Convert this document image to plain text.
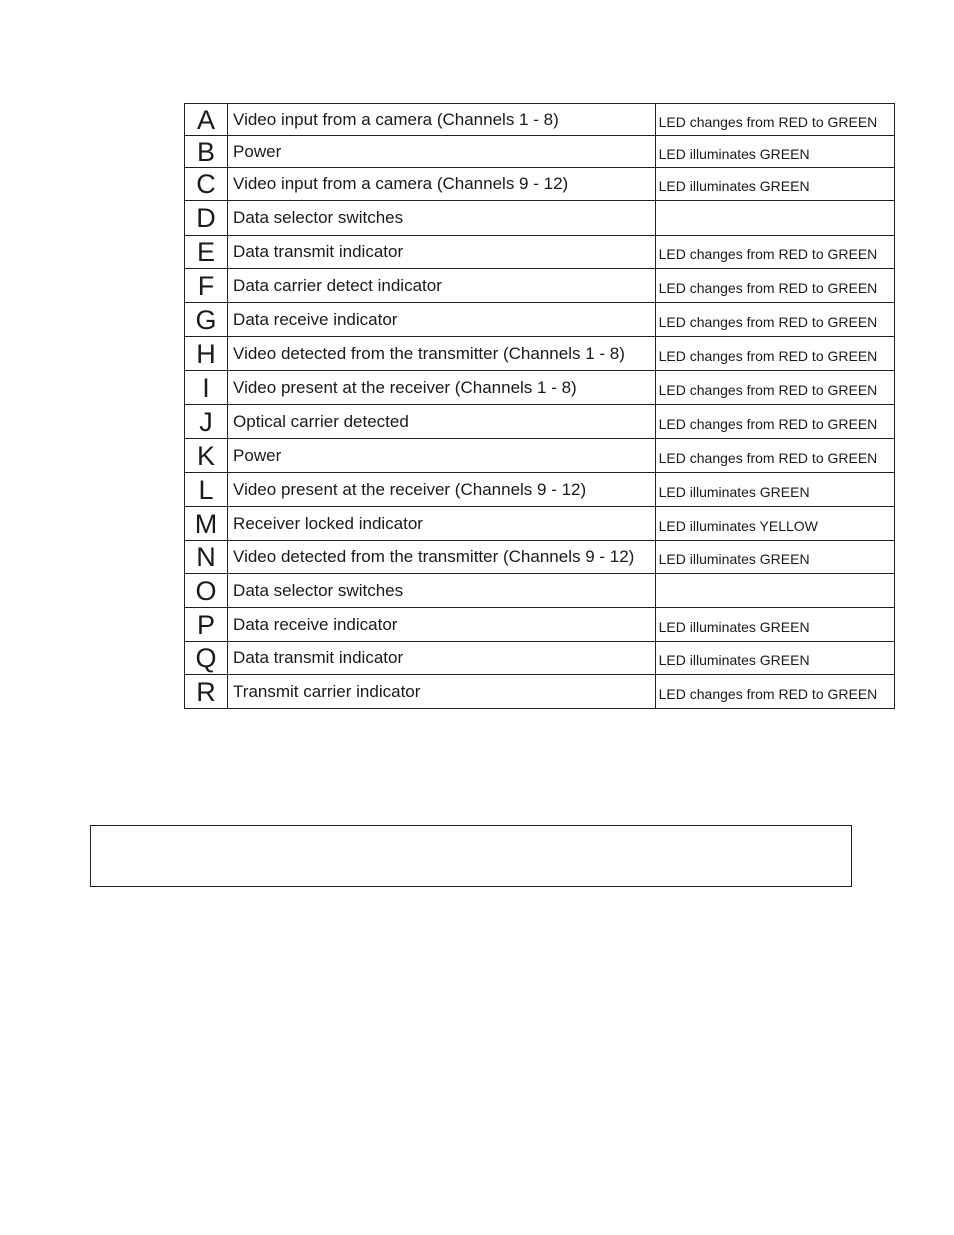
A	Video input from a camera (Channels 1 - 8)	LED changes from RED to GREEN
B	Power	LED illuminates GREEN
C	Video input from a camera (Channels 9 - 12)	LED illuminates GREEN
D	Data selector switches	
E	Data transmit indicator	LED changes from RED to GREEN
F	Data carrier detect indicator	LED changes from RED to GREEN
G	Data receive indicator	LED changes from RED to GREEN
H	Video detected from the transmitter (Channels 1 - 8)	LED changes from RED to GREEN
I	Video present at the receiver (Channels 1 - 8)	LED changes from RED to GREEN
J	Optical carrier detected	LED changes from RED to GREEN
K	Power	LED changes from RED to GREEN
L	Video present at the receiver (Channels 9 - 12)	LED illuminates GREEN
M	Receiver locked indicator	LED illuminates YELLOW
N	Video detected from the transmitter (Channels 9 - 12)	LED illuminates GREEN
O	Data selector switches	
P	Data receive indicator	LED illuminates GREEN
Q	Data transmit indicator	LED illuminates GREEN
R	Transmit carrier indicator	LED changes from RED to GREEN
